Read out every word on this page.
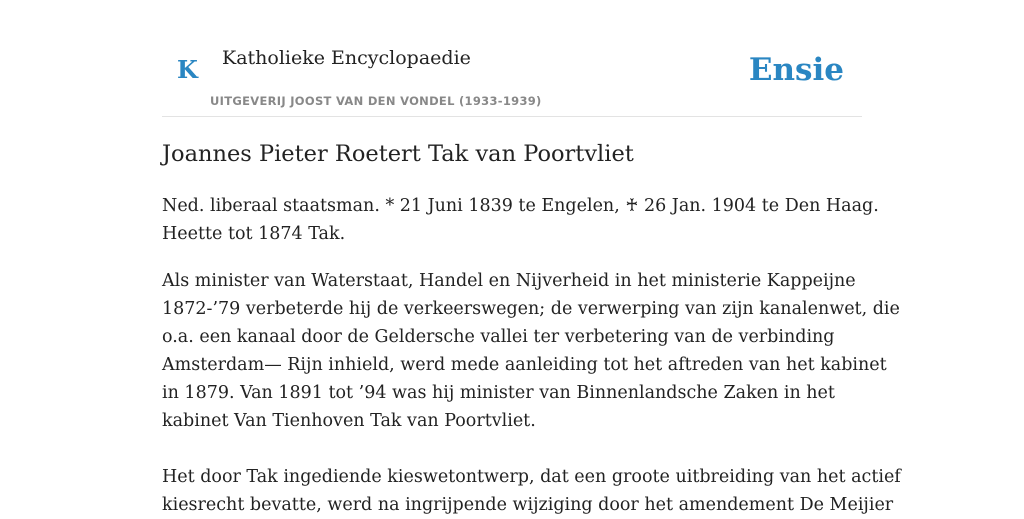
K Katholieke Encyclopaedie
UITGEVERIJ JOOST VAN DEN VONDEL (1933-1939)
Ensie
Joannes Pieter Roetert Tak van Poortvliet

Ned. liberaal staatsman. * 21 Juni 1839 te Engelen, ♰ 26 Jan. 1904 te Den Haag.
Heette tot 1874 Tak.

Als minister van Waterstaat, Handel en Nijverheid in het ministerie Kappeijne
1872-’79 verbeterde hij de verkeerswegen; de verwerping van zijn kanalenwet, die
o.a. een kanaal door de Geldersche vallei ter verbetering van de verbinding
Amsterdam— Rijn inhield, werd mede aanleiding tot het aftreden van het kabinet
in 1879. Van 1891 tot ’94 was hij minister van Binnenlandsche Zaken in het
kabinet Van Tienhoven Tak van Poortvliet.

Het door Tak ingediende kieswetontwerp, dat een groote uitbreiding van het actief
kiesrecht bevatte, werd na ingrijpende wijziging door het amendement De Meijier
